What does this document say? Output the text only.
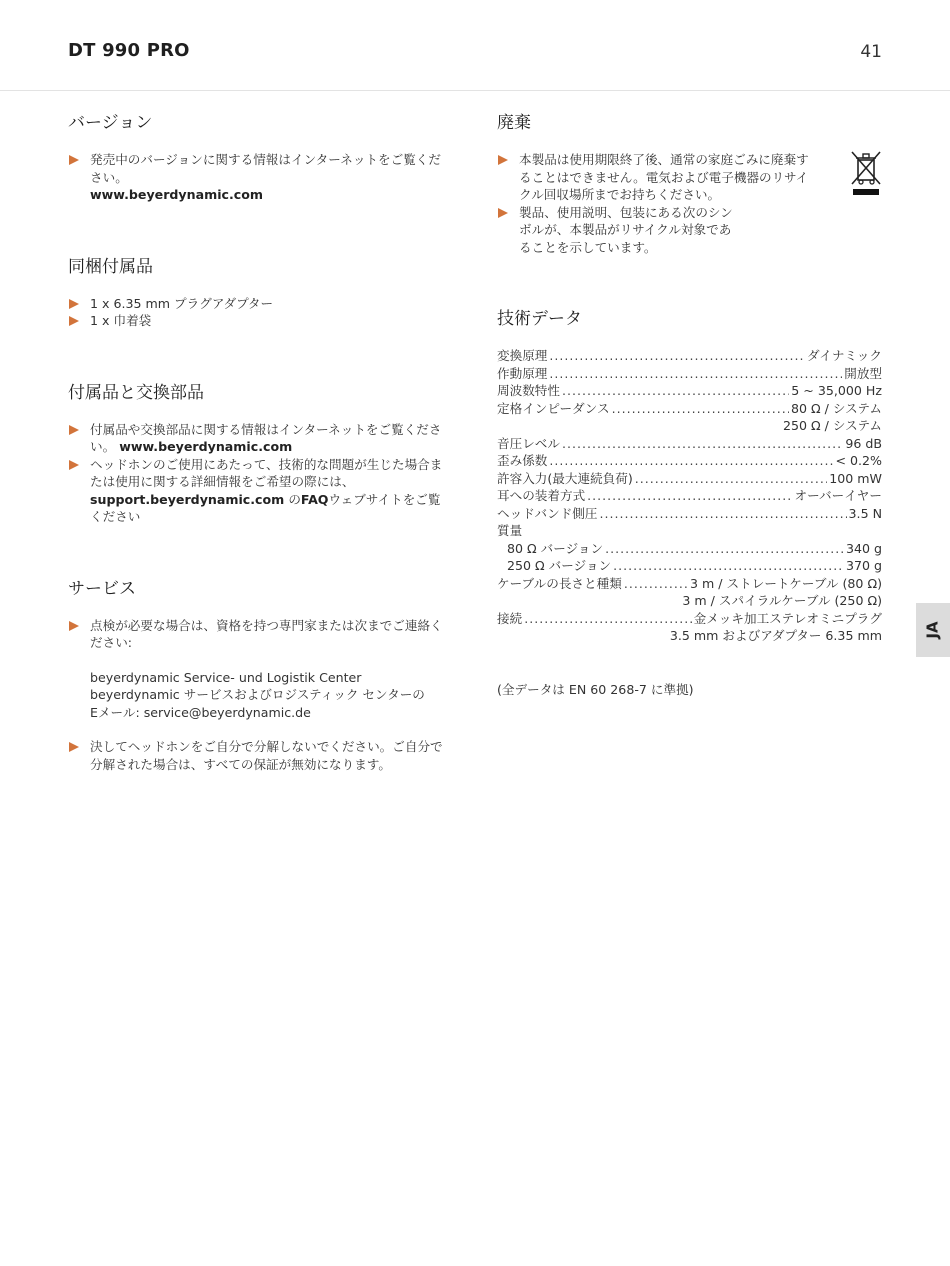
DT 990 PRO	41
バージョン
発売中のバージョンに関する情報はインターネットをご覧ください。
www.beyerdynamic.com
同梱付属品
1 x 6.35 mm プラグアダプター
1 x 巾着袋
付属品と交換部品
付属品や交換部品に関する情報はインターネットをご覧ください。 www.beyerdynamic.com
ヘッドホンのご使用にあたって、技術的な問題が生じた場合または使用に関する詳細情報をご希望の際には、 support.beyerdynamic.com のFAQウェブサイトをご覧ください
サービス
点検が必要な場合は、資格を持つ専門家または次までご連絡ください:
beyerdynamic Service- und Logistik Center
beyerdynamic サービスおよびロジスティック センターの
Eメール: service@beyerdynamic.de
決してヘッドホンをご自分で分解しないでください。ご自分で分解された場合は、すべての保証が無効になります。
廃棄
本製品は使用期限終了後、通常の家庭ごみに廃棄することはできません。電気および電子機器のリサイクル回収場所までお持ちください。
製品、使用説明、包装にある次のシンボルが、本製品がリサイクル対象であることを示しています。
技術データ
変換原理 .....	ダイナミック
作動原理 .....	開放型
周波数特性 .....	5 ~ 35,000 Hz
定格インピーダンス .....	80 Ω / システム
250 Ω / システム
音圧レベル .....	96 dB
歪み係数 .....	< 0.2%
許容入力(最大連続負荷) .....	100 mW
耳への装着方式 .....	オーバーイヤー
ヘッドバンド側圧 .....	3.5 N
質量
80 Ω バージョン .....	340 g
250 Ω バージョン .....	370 g
ケーブルの長さと種類 .....	3 m / ストレートケーブル (80 Ω)
3 m / スパイラルケーブル (250 Ω)
接続 .....	金メッキ加工ステレオミニプラグ
3.5 mm およびアダプター 6.35 mm
(全データは EN 60 268-7 に準拠)
JA
